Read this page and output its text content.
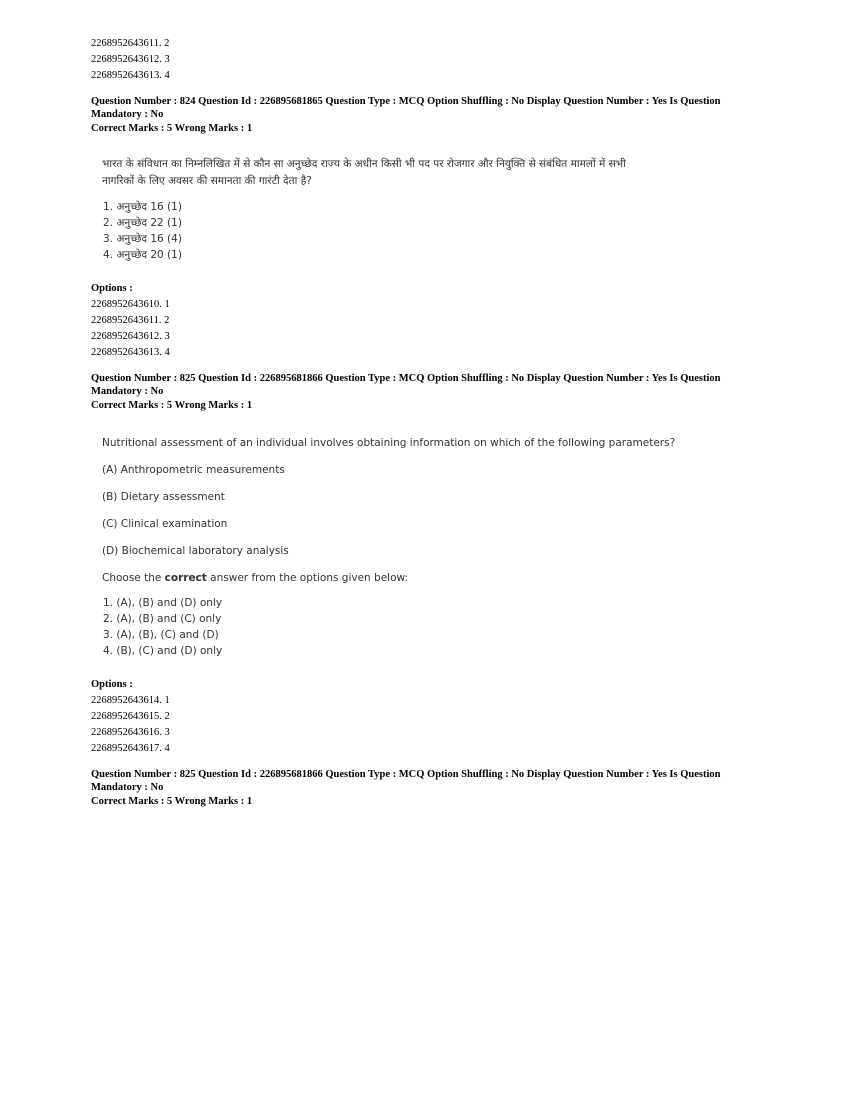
2268952643611. 2
2268952643612. 3
2268952643613. 4
Question Number : 824 Question Id : 226895681865 Question Type : MCQ Option Shuffling : No Display Question Number : Yes Is Question
Mandatory : No
Correct Marks : 5 Wrong Marks : 1
भारत के संविधान का निम्नलिखित में से कौन सा अनुच्छेद राज्य के अधीन किसी भी पद पर रोजगार और नियुक्ति से संबंधित मामलों में सभी
नागरिकों के लिए अवसर की समानता की गारंटी देता है?
1. अनुच्छेद 16 (1)
2. अनुच्छेद 22 (1)
3. अनुच्छेद 16 (4)
4. अनुच्छेद 20 (1)
Options :
2268952643610. 1
2268952643611. 2
2268952643612. 3
2268952643613. 4
Question Number : 825 Question Id : 226895681866 Question Type : MCQ Option Shuffling : No Display Question Number : Yes Is Question
Mandatory : No
Correct Marks : 5 Wrong Marks : 1
Nutritional assessment of an individual involves obtaining information on which of the following parameters?
(A) Anthropometric measurements
(B) Dietary assessment
(C) Clinical examination
(D) Biochemical laboratory analysis
Choose the correct answer from the options given below:
1. (A), (B) and (D) only
2. (A), (B) and (C) only
3. (A), (B), (C) and (D)
4. (B), (C) and (D) only
Options :
2268952643614. 1
2268952643615. 2
2268952643616. 3
2268952643617. 4
Question Number : 825 Question Id : 226895681866 Question Type : MCQ Option Shuffling : No Display Question Number : Yes Is Question
Mandatory : No
Correct Marks : 5 Wrong Marks : 1
